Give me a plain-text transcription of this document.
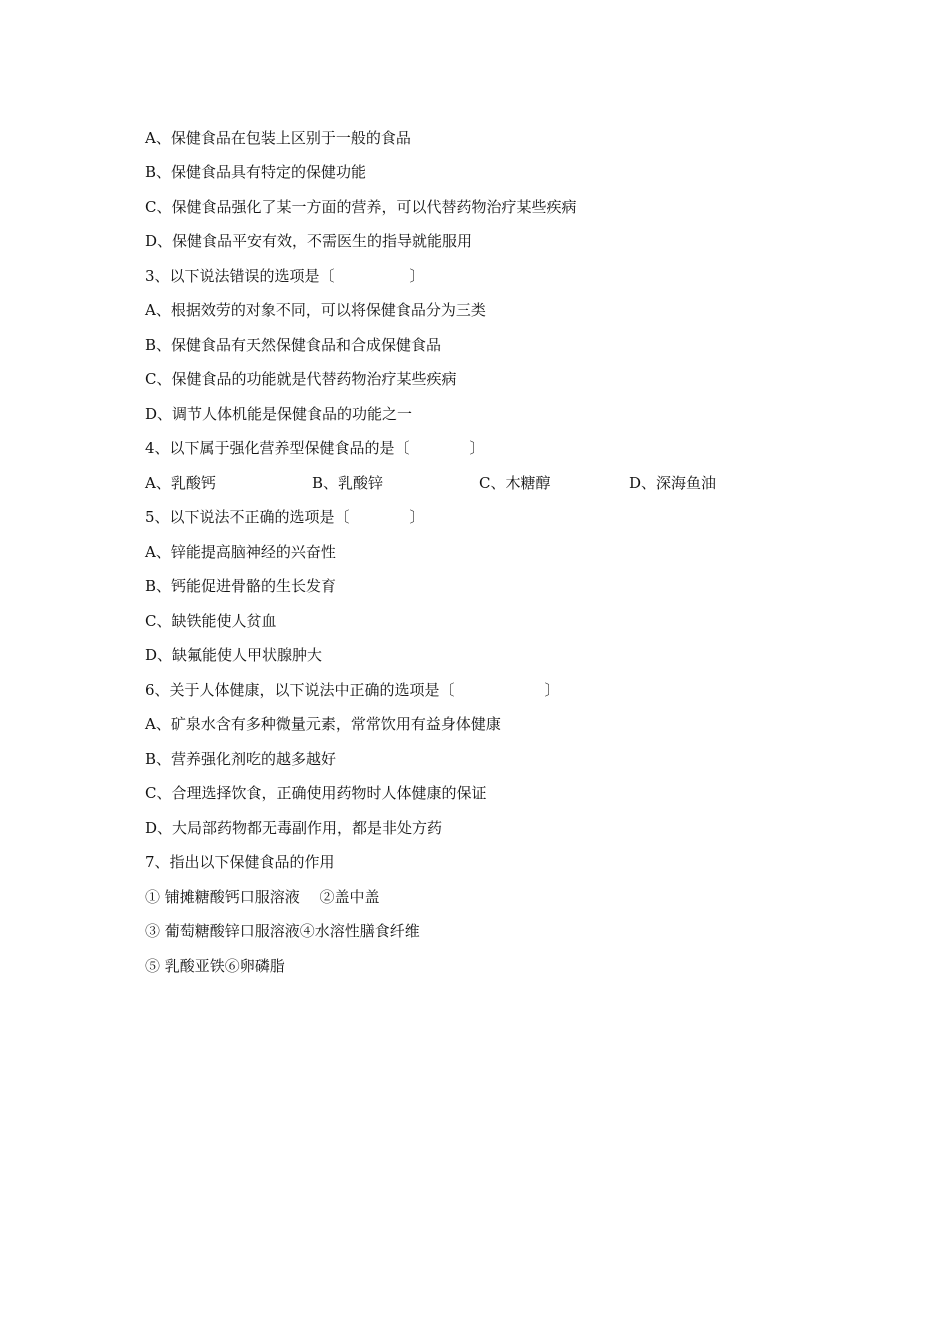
A、保健食品在包装上区别于一般的食品
B、保健食品具有特定的保健功能
C、保健食品强化了某一方面的营养，可以代替药物治疗某些疾病
D、保健食品平安有效，不需医生的指导就能服用
3、以下说法错误的选项是〔　　　　　〕
A、根据效劳的对象不同，可以将保健食品分为三类
B、保健食品有天然保健食品和合成保健食品
C、保健食品的功能就是代替药物治疗某些疾病
D、调节人体机能是保健食品的功能之一
4、以下属于强化营养型保健食品的是〔　　　　〕
A、乳酸钙	B、乳酸锌	C、木糖醇	D、深海鱼油
5、以下说法不正确的选项是〔　　　　〕
A、锌能提高脑神经的兴奋性
B、钙能促进骨骼的生长发育
C、缺铁能使人贫血
D、缺氟能使人甲状腺肿大
6、关于人体健康，以下说法中正确的选项是〔　　　　　　〕
A、矿泉水含有多种微量元素，常常饮用有益身体健康
B、营养强化剂吃的越多越好
C、合理选择饮食，正确使用药物时人体健康的保证
D、大局部药物都无毒副作用，都是非处方药
7、指出以下保健食品的作用
① 铺摊糖酸钙口服溶液　 ②盖中盖
③ 葡萄糖酸锌口服溶液④水溶性膳食纤维
⑤ 乳酸亚铁⑥卵磷脂
